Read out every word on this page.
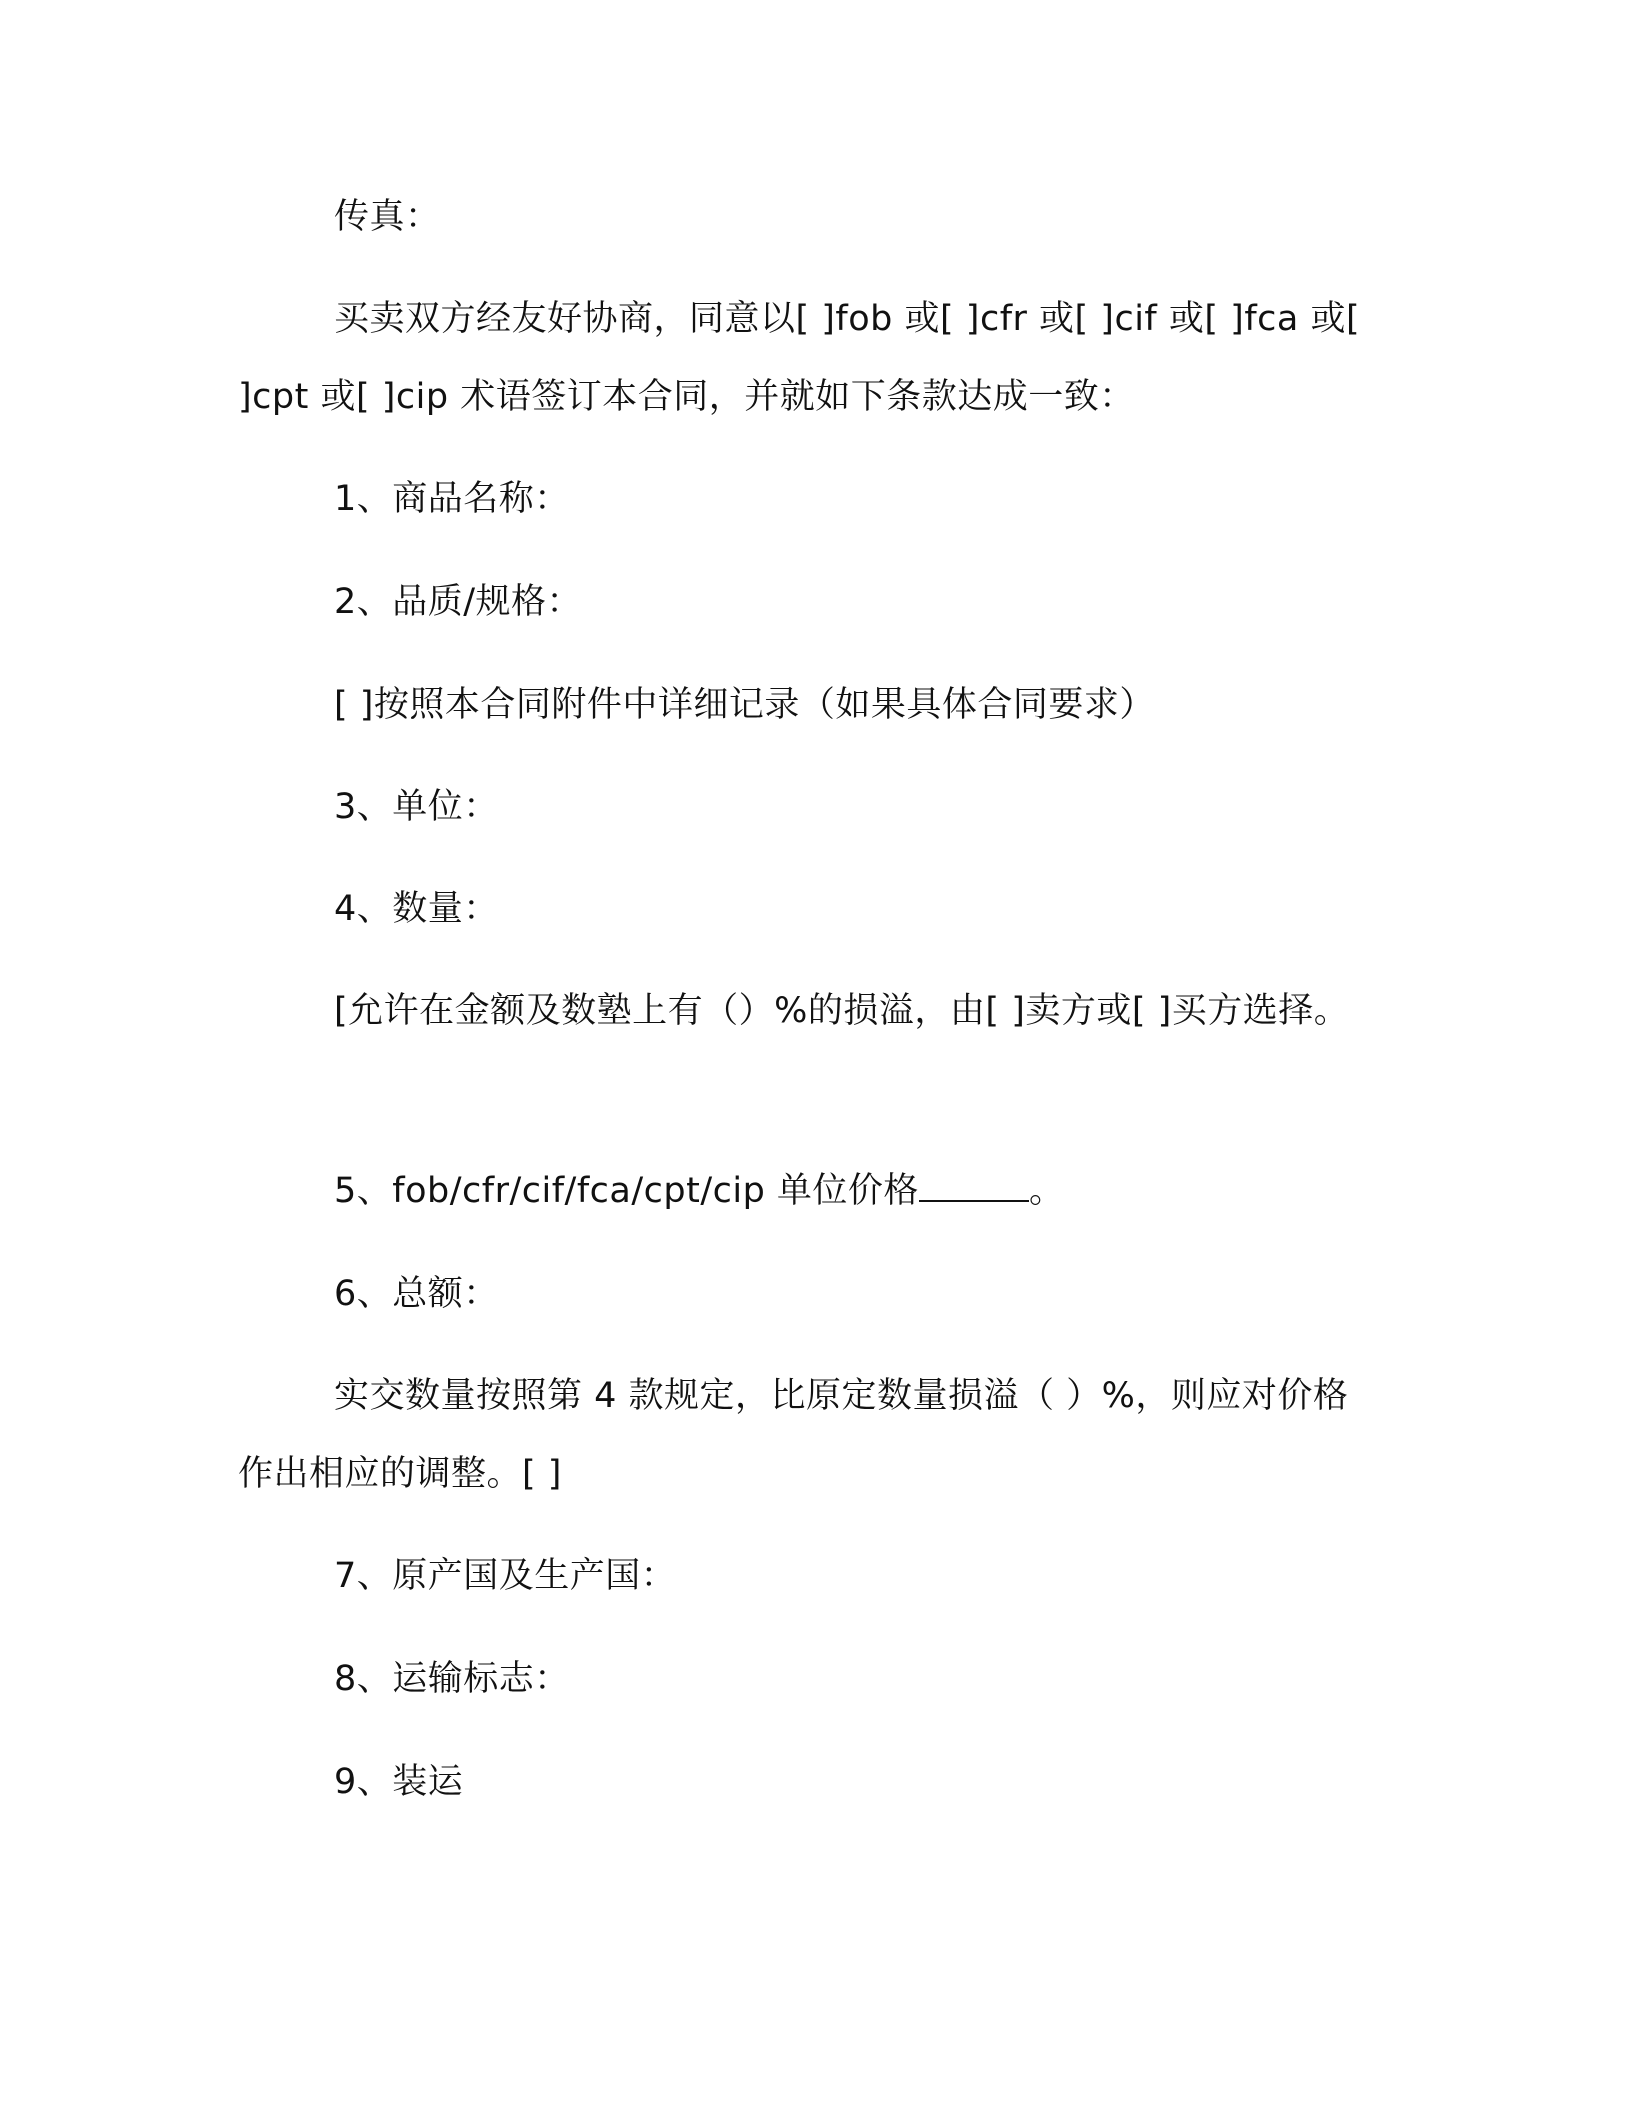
传真：
买卖双方经友好协商，同意以[ ]fob 或[ ]cfr 或[ ]cif 或[ ]fca 或[ ]cpt 或[ ]cip 术语签订本合同，并就如下条款达成一致：
1、商品名称：
2、品质/规格：
[ ]按照本合同附件中详细记录（如果具体合同要求）
3、单位：
4、数量：
[允许在金额及数塾上有（）%的损溢，由[ ]卖方或[ ]买方选择。
5、fob/cfr/cif/fca/cpt/cip 单位价格	。
6、总额：
实交数量按照第 4 款规定，比原定数量损溢（ ）%，则应对价格作出相应的调整。[ ]
7、原产国及生产国：
8、运输标志：
9、装运
